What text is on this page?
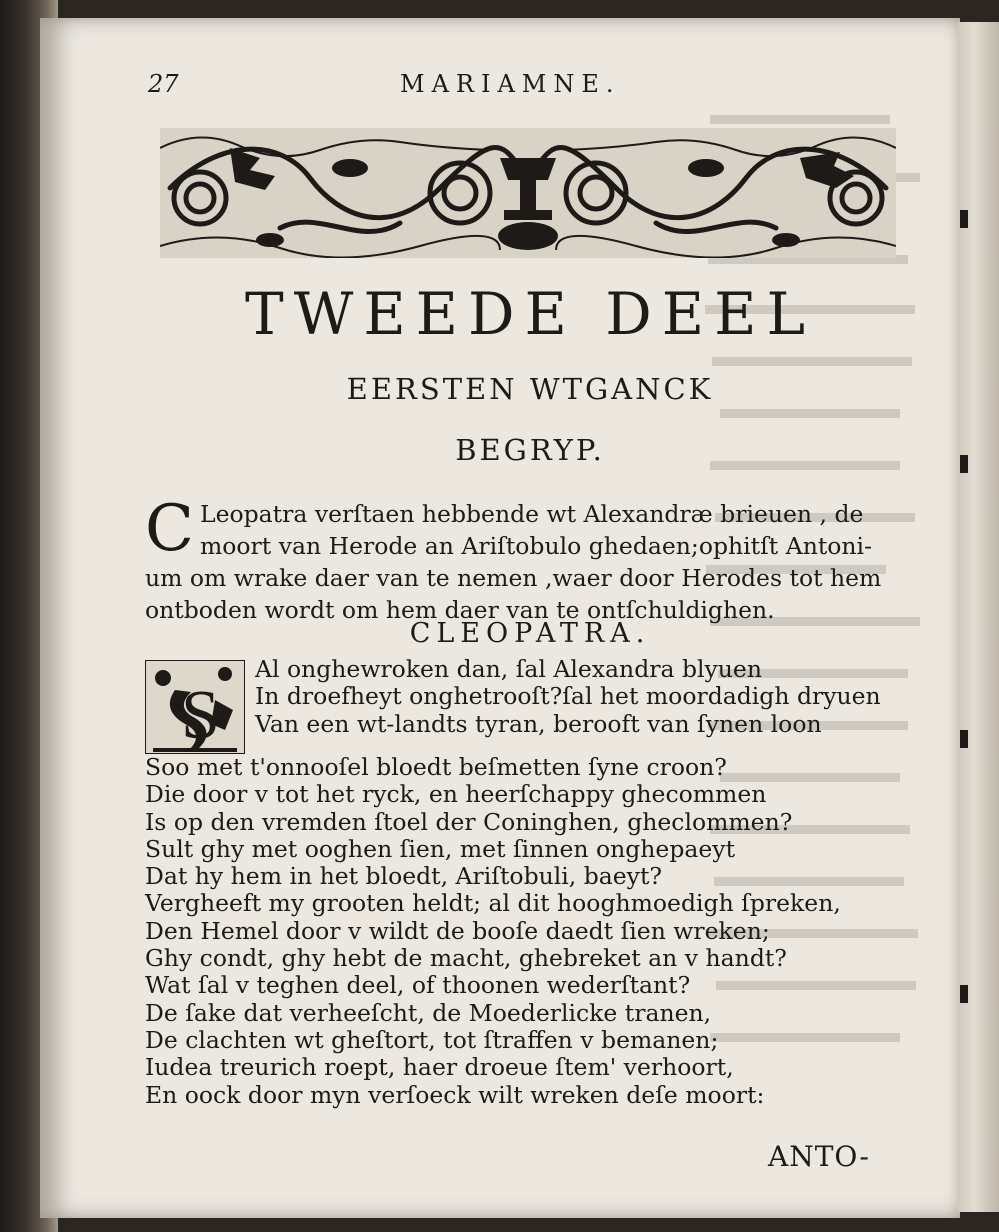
27	MARIAMNE.
TWEEDE DEEL
EERSTEN WTGANCK
BEGRYP.
C Leopatra verſtaen hebbende wt Alexandræ brieuen , de

moort van Herode an Ariſtobulo ghedaen;ophitſt Antoni-

um om wrake daer van te nemen ,waer door Herodes tot hem

ontboden wordt om hem daer van te ontſchuldighen.

CLEOPATRA.
S
Al onghewroken dan, ſal Alexandra blyuen
In droefheyt onghetrooſt?ſal het moordadigh dryuen
Van een wt-landts tyran, berooft van ſynen loon
Soo met t'onnooſel bloedt beſmetten ſyne croon?
Die door v tot het ryck, en heerſchappy ghecommen
Is op den vremden ſtoel der Coninghen, gheclommen?
Sult ghy met ooghen ſien, met ſinnen onghepaeyt
Dat hy hem in het bloedt, Ariſtobuli, baeyt?
Vergheeft my grooten heldt; al dit hooghmoedigh ſpreken,
Den Hemel door v wildt de booſe daedt ſien wreken;
Ghy condt, ghy hebt de macht, ghebreket an v handt?
Wat ſal v teghen deel, of thoonen wederſtant?
De ſake dat verheeſcht, de Moederlicke tranen,
De clachten wt gheſtort, tot ſtraffen v bemanen;
Iudea treurich roept, haer droeue ſtem' verhoort,
En oock door myn verſoeck wilt wreken deſe moort:
ANTO-
